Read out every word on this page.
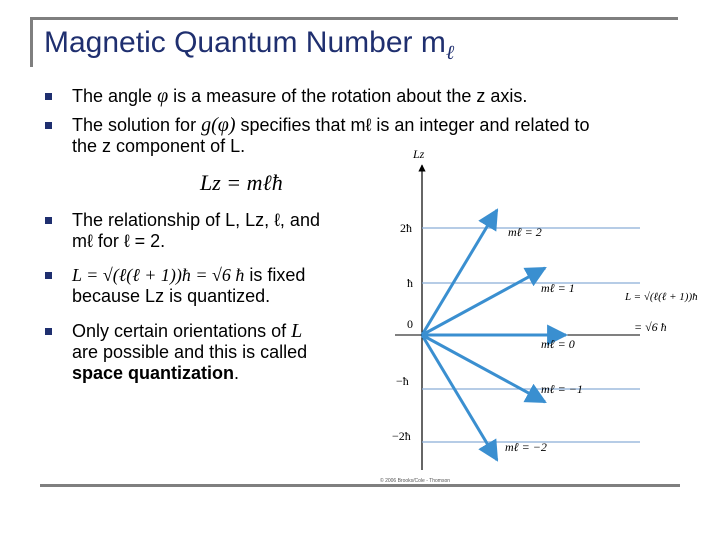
Magnetic Quantum Number $m_\ell$
The angle φ is a measure of the rotation about the z axis.
The solution for g(φ) specifies that mℓ is an integer and related to
the z component of L.
Lz = mℓħ
The relationship of L, Lz, ℓ, and
mℓ for ℓ = 2.
L = √(ℓ(ℓ + 1))ħ = √6 ħ is fixed
because Lz is quantized.
Only certain orientations of L
are possible and this is called
space quantization.
Lz
2ħ
ħ
0
−ħ
−2ħ
mℓ = 2
mℓ = 1
mℓ = 0
mℓ = −1
mℓ = −2
L = √(ℓ(ℓ + 1))ħ
= √6 ħ
© 2006 Brooks/Cole - Thomson
